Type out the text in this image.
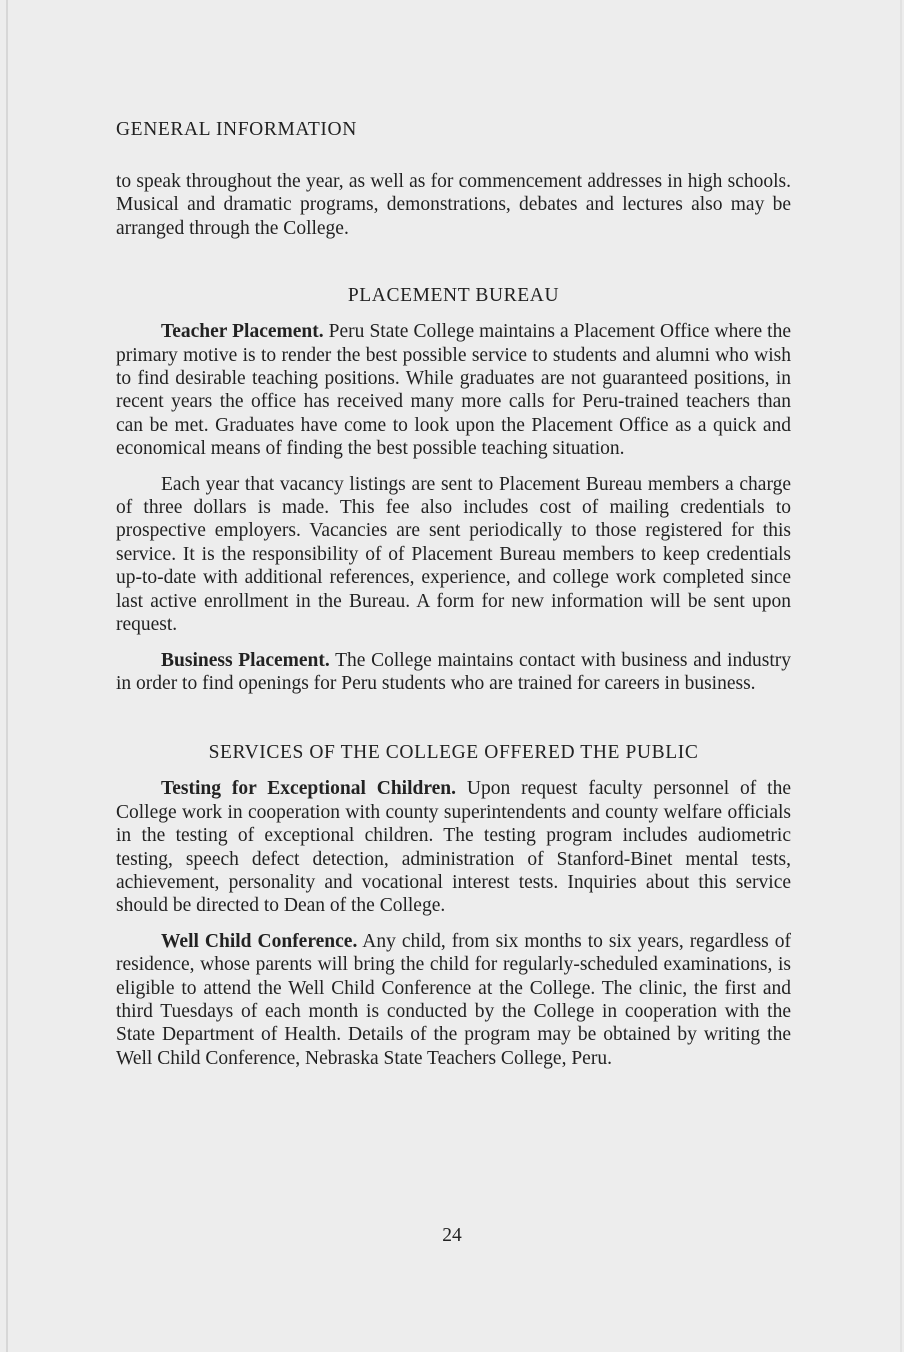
GENERAL INFORMATION

to speak throughout the year, as well as for commencement addresses in high schools. Musical and dramatic programs, demonstrations, debates and lectures also may be arranged through the College.

PLACEMENT BUREAU

Teacher Placement. Peru State College maintains a Placement Office where the primary motive is to render the best possible service to students and alumni who wish to find desirable teaching positions. While graduates are not guaranteed positions, in recent years the office has received many more calls for Peru-trained teachers than can be met. Graduates have come to look upon the Placement Office as a quick and economical means of finding the best possible teaching situation.

Each year that vacancy listings are sent to Placement Bureau members a charge of three dollars is made. This fee also includes cost of mailing credentials to prospective employers. Vacancies are sent periodically to those registered for this service. It is the responsibility of of Placement Bureau members to keep credentials up-to-date with additional references, experience, and college work completed since last active enrollment in the Bureau. A form for new information will be sent upon request.

Business Placement. The College maintains contact with business and industry in order to find openings for Peru students who are trained for careers in business.

SERVICES OF THE COLLEGE OFFERED THE PUBLIC

Testing for Exceptional Children. Upon request faculty personnel of the College work in cooperation with county superintendents and county welfare officials in the testing of exceptional children. The testing program includes audiometric testing, speech defect detection, administration of Stanford-Binet mental tests, achievement, personality and vocational interest tests. Inquiries about this service should be directed to Dean of the College.

Well Child Conference. Any child, from six months to six years, regardless of residence, whose parents will bring the child for regularly-scheduled examinations, is eligible to attend the Well Child Conference at the College. The clinic, the first and third Tuesdays of each month is conducted by the College in cooperation with the State Department of Health. Details of the program may be obtained by writing the Well Child Conference, Nebraska State Teachers College, Peru.

24
